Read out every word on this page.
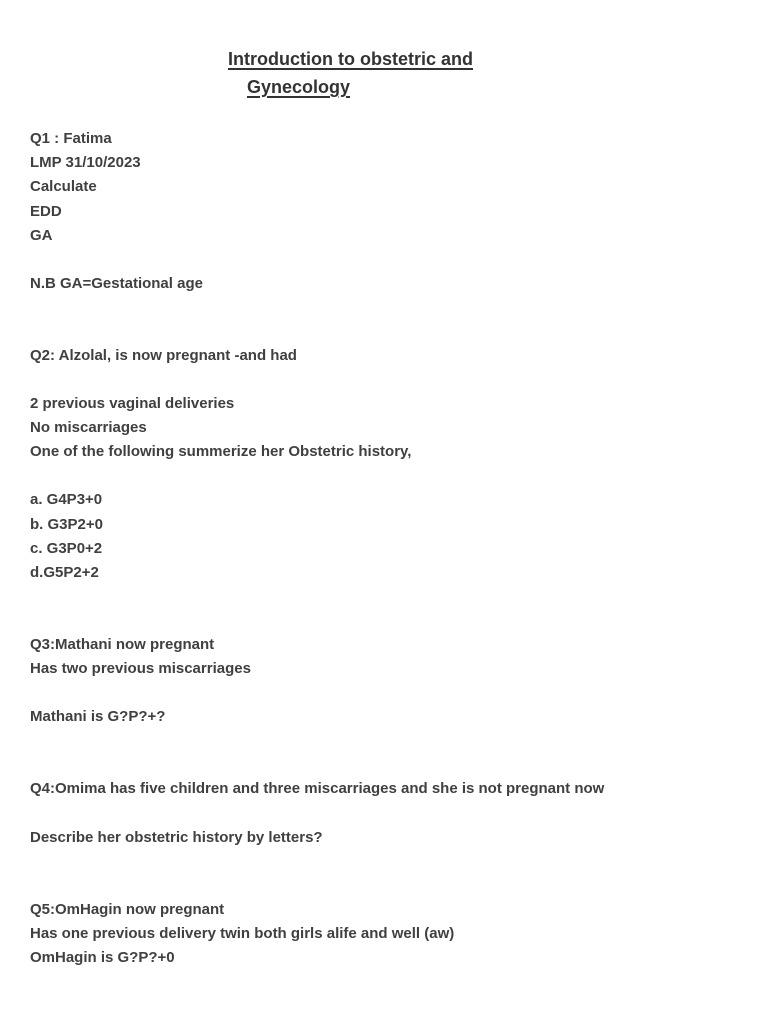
Introduction to obstetric and
Gynecology
Q1 : Fatima
LMP 31/10/2023
Calculate
EDD
GA
N.B GA=Gestational age
Q2: Alzolal, is now pregnant -and had
2 previous vaginal deliveries
No miscarriages
One of the following summerize her Obstetric history,
a. G4P3+0
b. G3P2+0
c. G3P0+2
d.G5P2+2
Q3:Mathani now pregnant
Has two previous miscarriages
Mathani is G?P?+?
Q4:Omima has five children and three miscarriages and she is not pregnant now
Describe her obstetric history by letters?
Q5:OmHagin now pregnant
Has one previous delivery twin both girls alife and well (aw)
OmHagin is G?P?+0
